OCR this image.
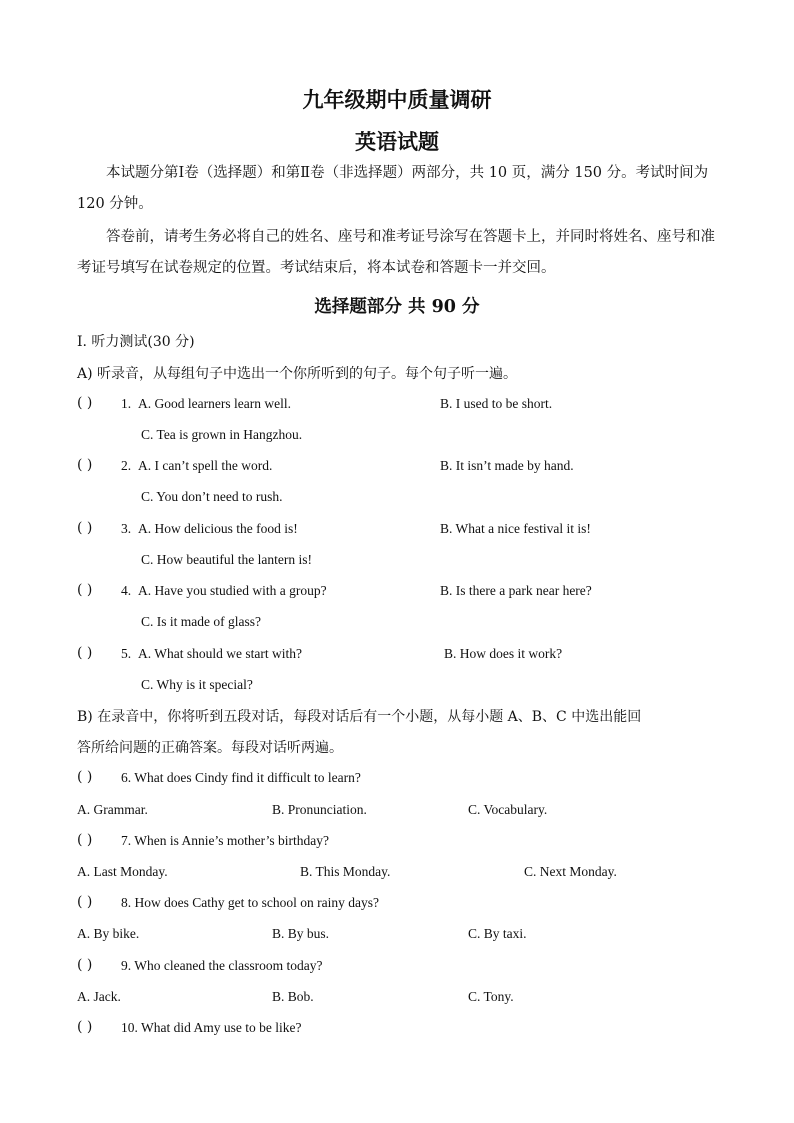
九年级期中质量调研
英语试题
本试题分第Ⅰ卷（选择题）和第Ⅱ卷（非选择题）两部分，共 10 页，满分 150 分。考试时间为 120 分钟。
答卷前，请考生务必将自己的姓名、座号和准考证号涂写在答题卡上，并同时将姓名、座号和准考证号填写在试卷规定的位置。考试结束后，将本试卷和答题卡一并交回。
选择题部分 共 90 分
I. 听力测试(30 分)
A) 听录音，从每组句子中选出一个你所听到的句子。每个句子听一遍。
( ) 1. A. Good learners learn well.	B. I used to be short.
C. Tea is grown in Hangzhou.
( ) 2. A. I can’t spell the word.	B. It isn’t made by hand.
C. You don’t need to rush.
( ) 3. A. How delicious the food is!	B. What a nice festival it is!
C. How beautiful the lantern is!
( ) 4. A. Have you studied with a group?	B. Is there a park near here?
C. Is it made of glass?
( ) 5. A. What should we start with?	B. How does it work?
C. Why is it special?
B) 在录音中，你将听到五段对话，每段对话后有一个小题，从每小题 A、B、C 中选出能回
答所给问题的正确答案。每段对话听两遍。
( ) 6. What does Cindy find it difficult to learn?
A. Grammar.	B. Pronunciation.	C. Vocabulary.
( ) 7. When is Annie’s mother’s birthday?
A. Last Monday.	B. This Monday.	C. Next Monday.
( ) 8. How does Cathy get to school on rainy days?
A. By bike.	B. By bus.	C. By taxi.
( ) 9. Who cleaned the classroom today?
A. Jack.	B. Bob.	C. Tony.
( ) 10. What did Amy use to be like?
